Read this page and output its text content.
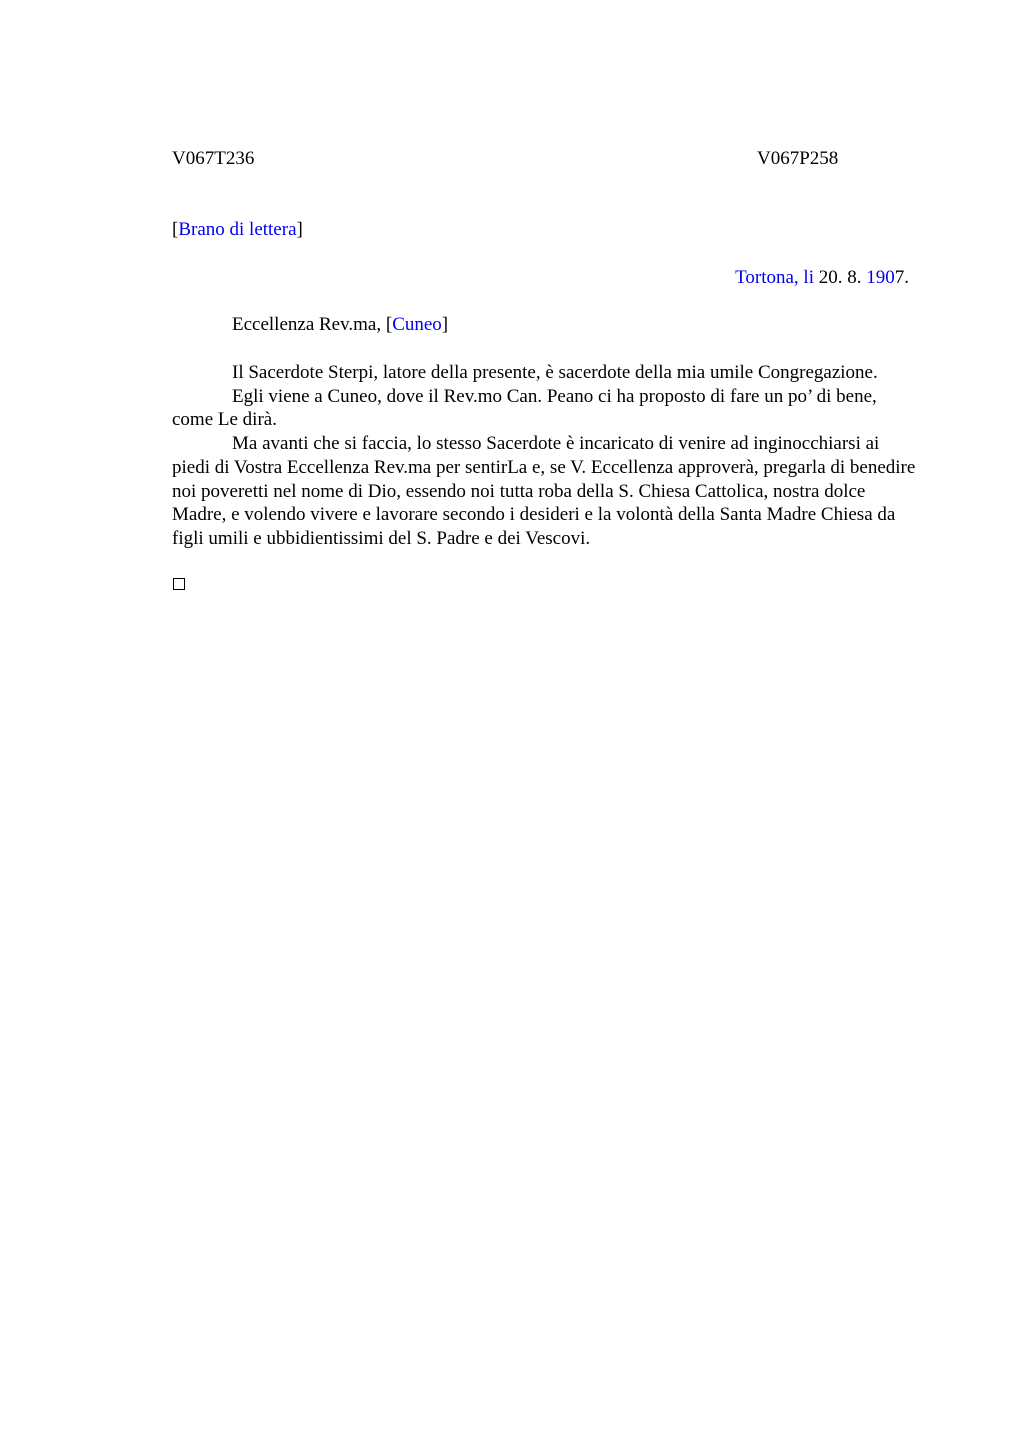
V067T236	V067P258
[Brano di lettera]
Tortona, li 20. 8. 1907.
Eccellenza Rev.ma, [Cuneo]

Il Sacerdote Sterpi, latore della presente, è sacerdote della mia umile Congregazione.

Egli viene a Cuneo, dove il Rev.mo Can. Peano ci ha proposto di fare un po’ di bene, come Le dirà.

Ma avanti che si faccia, lo stesso Sacerdote è incaricato di venire ad inginocchiarsi ai piedi di Vostra Eccellenza Rev.ma per sentirLa e, se V. Eccellenza approverà, pregarla di benedire noi poveretti nel nome di Dio, essendo noi tutta roba della S. Chiesa Cattolica, nostra dolce Madre, e volendo vivere e lavorare secondo i desideri e la volontà della Santa Madre Chiesa da figli umili e ubbidientissimi del S. Padre e dei Vescovi.
